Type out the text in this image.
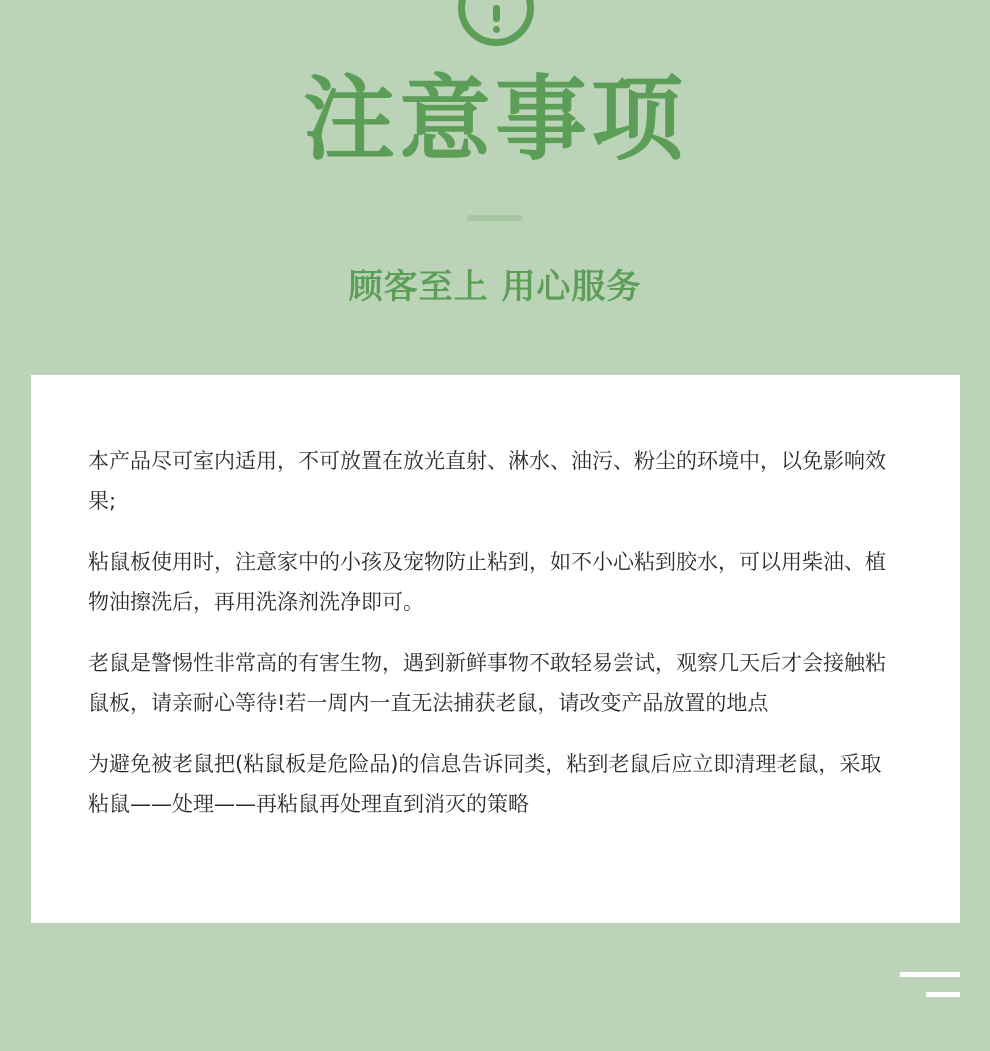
注意事项
顾客至上 用心服务

本产品尽可室内适用，不可放置在放光直射、淋水、油污、粉尘的环境中，以免影响效果;

粘鼠板使用时，注意家中的小孩及宠物防止粘到，如不小心粘到胶水，可以用柴油、植物油擦洗后，再用洗涤剂洗净即可。

老鼠是警惕性非常高的有害生物，遇到新鲜事物不敢轻易尝试，观察几天后才会接触粘鼠板，请亲耐心等待!若一周内一直无法捕获老鼠，请改变产品放置的地点

为避免被老鼠把(粘鼠板是危险品)的信息告诉同类，粘到老鼠后应立即清理老鼠，采取粘鼠——处理——再粘鼠再处理直到消灭的策略
